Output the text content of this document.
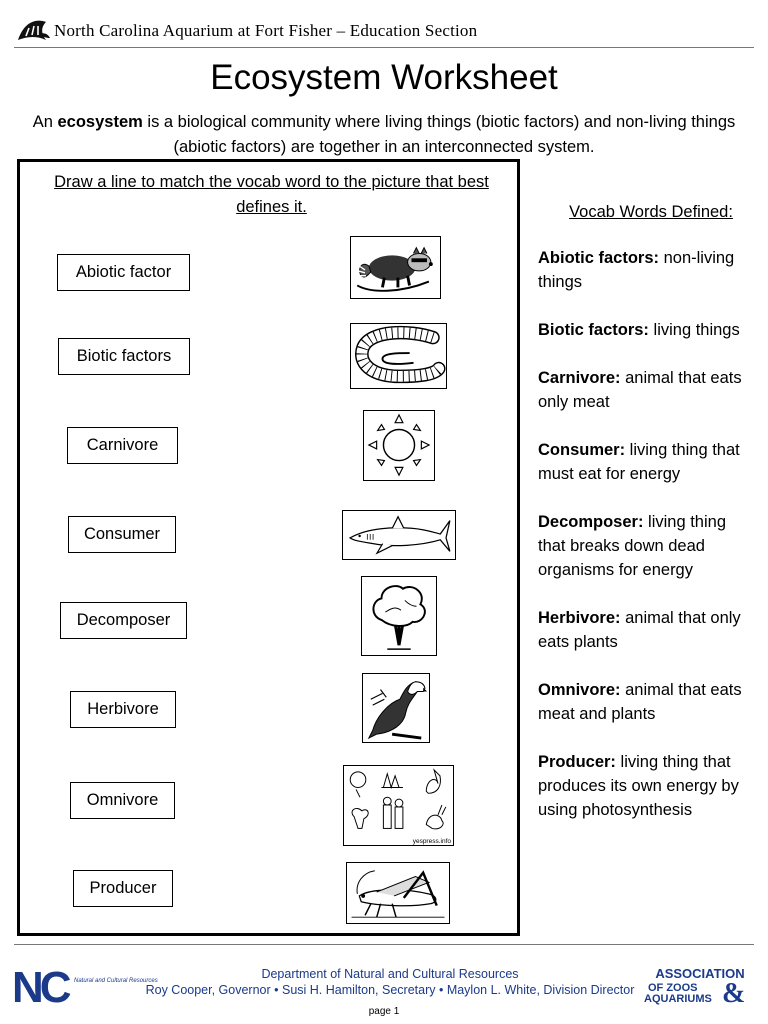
North Carolina Aquarium at Fort Fisher – Education Section
Ecosystem Worksheet
An ecosystem is a biological community where living things (biotic factors) and non-living things (abiotic factors) are together in an interconnected system.
Draw a line to match the vocab word to the picture that best defines it.
Abiotic factor
Biotic factors
Carnivore
Consumer
Decomposer
Herbivore
Omnivore
Producer
yespress.info
Vocab Words Defined:
Abiotic factors: non-living things
Biotic factors: living things
Carnivore: animal that eats only meat
Consumer: living thing that must eat for energy
Decomposer: living thing that breaks down dead organisms for energy
Herbivore: animal that only eats plants
Omnivore: animal that eats meat and plants
Producer: living thing that produces its own energy by using photosynthesis
NC	Natural and Cultural Resources	Department of Natural and Cultural Resources
Roy Cooper, Governor • Susi H. Hamilton, Secretary • Maylon L. White, Division Director
ASSOCIATION
OF ZOOS
AQUARIUMS &
page 1
